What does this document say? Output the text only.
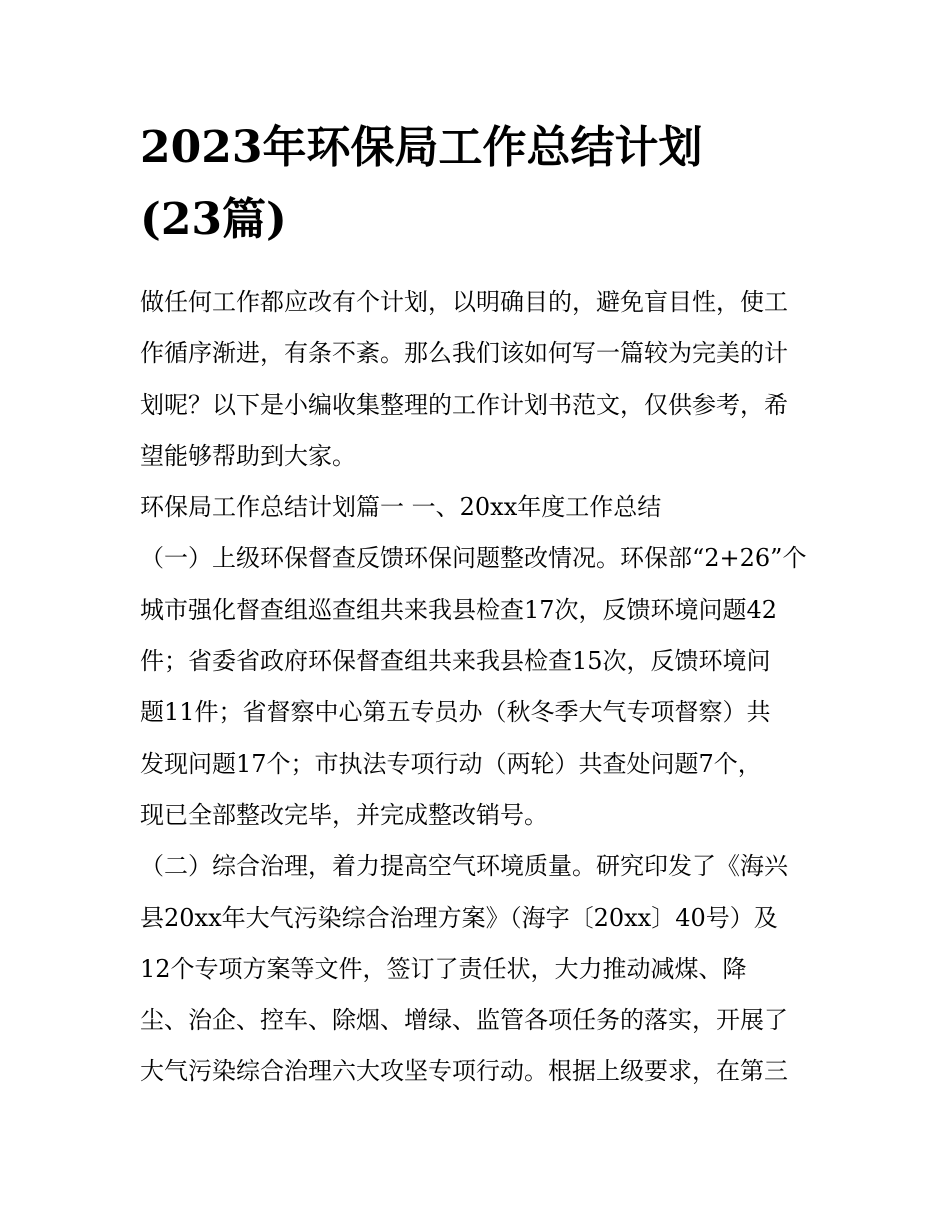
2023年环保局工作总结计划
(23篇)
做任何工作都应改有个计划，以明确目的，避免盲目性，使工
作循序渐进，有条不紊。那么我们该如何写一篇较为完美的计
划呢？以下是小编收集整理的工作计划书范文，仅供参考，希
望能够帮助到大家。
环保局工作总结计划篇一 一、20xx年度工作总结
（一）上级环保督查反馈环保问题整改情况。环保部“2+26”个
城市强化督查组巡查组共来我县检查17次，反馈环境问题42
件；省委省政府环保督查组共来我县检查15次，反馈环境问
题11件；省督察中心第五专员办（秋冬季大气专项督察）共
发现问题17个；市执法专项行动（两轮）共查处问题7个，
现已全部整改完毕，并完成整改销号。
（二）综合治理，着力提高空气环境质量。研究印发了《海兴
县20xx年大气污染综合治理方案》（海字〔20xx〕40号）及
12个专项方案等文件，签订了责任状，大力推动减煤、降
尘、治企、控车、除烟、增绿、监管各项任务的落实，开展了
大气污染综合治理六大攻坚专项行动。根据上级要求，在第三
